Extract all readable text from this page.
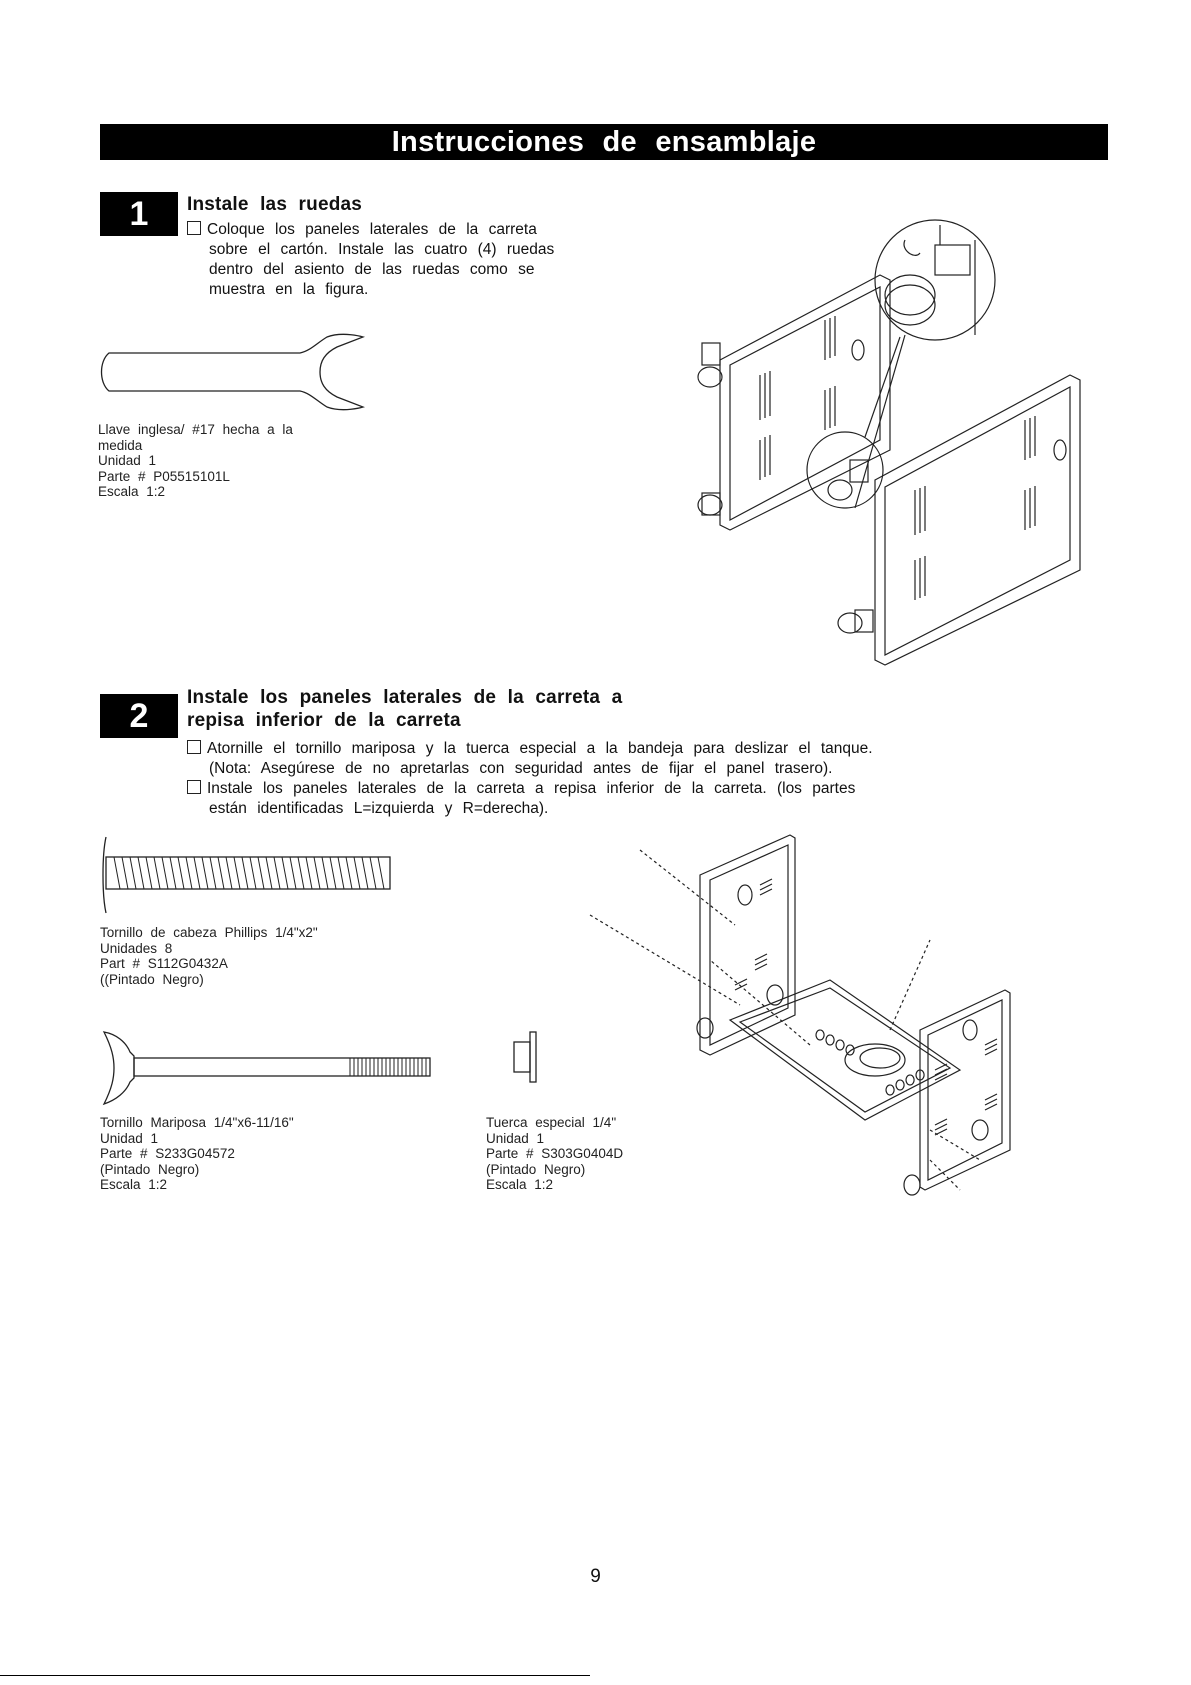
Instrucciones de ensamblaje
1	Instale las ruedas
Coloque los paneles laterales de la carreta
sobre el cartón. Instale las cuatro (4) ruedas
dentro del asiento de las ruedas como se
muestra en la figura.
Llave inglesa/ #17 hecha a la
medida
Unidad 1
Parte # P05515101L
Escala 1:2
2	Instale los paneles laterales de la carreta a
repisa inferior de la carreta
Atornille el tornillo mariposa y la tuerca especial a la bandeja para deslizar el tanque.
(Nota: Asegúrese de no apretarlas con seguridad antes de fijar el panel trasero).
Instale los paneles laterales de la carreta a repisa inferior de la carreta. (los partes
están identificadas L=izquierda y R=derecha).
Tornillo de cabeza Phillips 1/4"x2"
Unidades 8
Part # S112G0432A
((Pintado Negro)
Tornillo Mariposa 1/4"x6-11/16"
Unidad 1
Parte # S233G04572
(Pintado Negro)
Escala 1:2
Tuerca especial 1/4"
Unidad 1
Parte # S303G0404D
(Pintado Negro)
Escala 1:2
9
